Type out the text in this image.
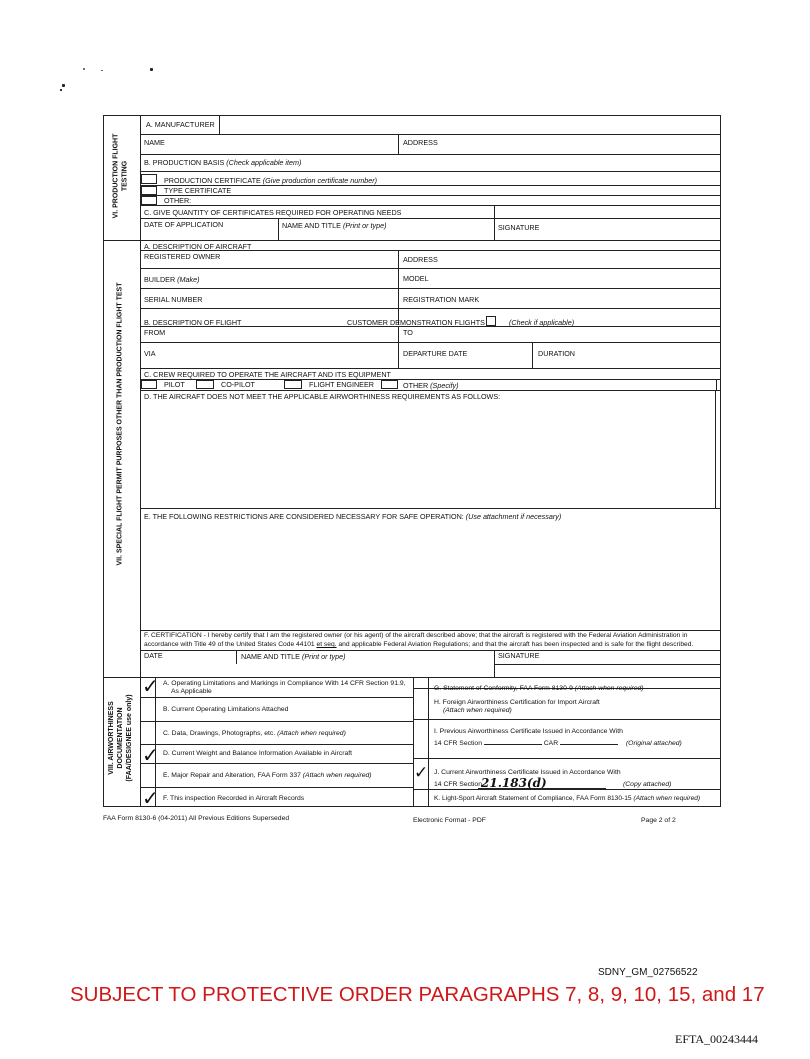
VI. PRODUCTION FLIGHT TESTING
VII. SPECIAL FLIGHT PERMIT PURPOSES OTHER THAN PRODUCTION FLIGHT TEST
VIII. AIRWORTHINESS DOCUMENTATION (FAA/DESIGNEE use only)
A. MANUFACTURER
NAME	ADDRESS
B. PRODUCTION BASIS (Check applicable item)
PRODUCTION CERTIFICATE (Give production certificate number)
TYPE CERTIFICATE
OTHER:
C. GIVE QUANTITY OF CERTIFICATES REQUIRED FOR OPERATING NEEDS
DATE OF APPLICATION	NAME AND TITLE (Print or type)	SIGNATURE
A. DESCRIPTION OF AIRCRAFT
REGISTERED OWNER	ADDRESS
BUILDER (Make)	MODEL
SERIAL NUMBER	REGISTRATION MARK
B. DESCRIPTION OF FLIGHT	CUSTOMER DEMONSTRATION FLIGHTS	(Check if applicable)
FROM	TO
VIA	DEPARTURE DATE	DURATION
C. CREW REQUIRED TO OPERATE THE AIRCRAFT AND ITS EQUIPMENT
PILOT	CO-PILOT	FLIGHT ENGINEER	OTHER (Specify)
D. THE AIRCRAFT DOES NOT MEET THE APPLICABLE AIRWORTHINESS REQUIREMENTS AS FOLLOWS:
E. THE FOLLOWING RESTRICTIONS ARE CONSIDERED NECESSARY FOR SAFE OPERATION: (Use attachment if necessary)
F. CERTIFICATION - I hereby certify that I am the registered owner (or his agent) of the aircraft described above; that the aircraft is registered with the Federal Aviation Administration in
accordance with Title 49 of the United States Code 44101 et seq. and applicable Federal Aviation Regulations; and that the aircraft has been inspected and is safe for the flight described.
DATE	NAME AND TITLE (Print or type)	SIGNATURE
✓ A. Operating Limitations and Markings in Compliance With 14 CFR Section 91.9,
As Applicable
B. Current Operating Limitations Attached
C. Data, Drawings, Photographs, etc. (Attach when required)
✓ D. Current Weight and Balance Information Available in Aircraft
E. Major Repair and Alteration, FAA Form 337 (Attach when required)
✓ F. This inspection Recorded in Aircraft Records
G. Statement of Conformity, FAA Form 8130-9 (Attach when required)
H. Foreign Airworthiness Certification for Import Aircraft
(Attach when required)
I. Previous Airworthiness Certificate Issued in Accordance With
14 CFR Section	CAR	(Original attached)
✓ J. Current Airworthiness Certificate Issued in Accordance With
14 CFR Section 21.183(d)	(Copy attached)
K. Light-Sport Aircraft Statement of Compliance, FAA Form 8130-15 (Attach when required)
FAA Form 8130-6 (04-2011) All Previous Editions Superseded	Electronic Format - PDF	Page 2 of 2
SDNY_GM_02756522
SUBJECT TO PROTECTIVE ORDER PARAGRAPHS 7, 8, 9, 10, 15, and 17
EFTA_00243444
